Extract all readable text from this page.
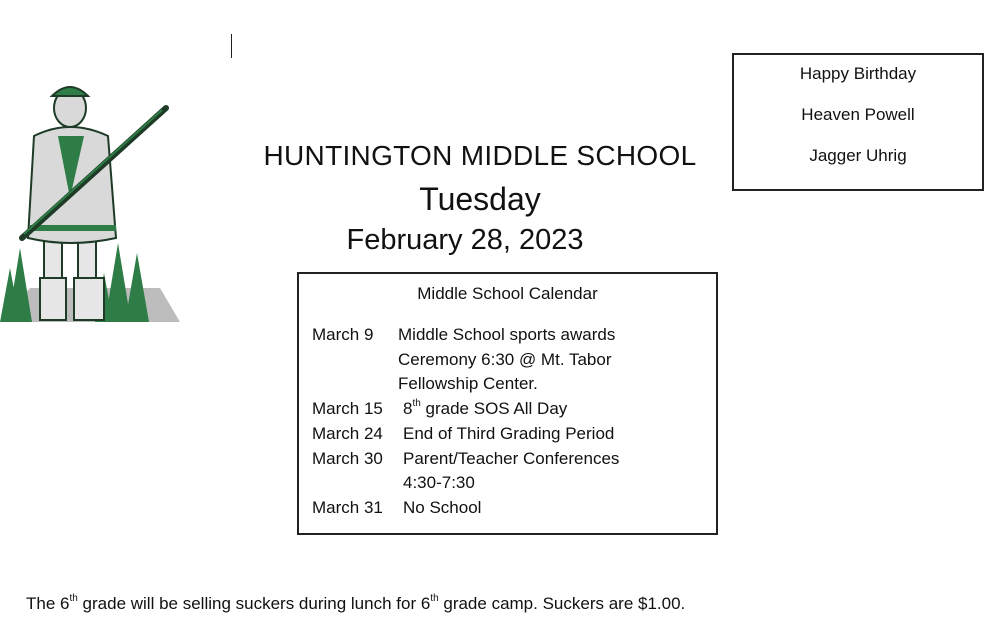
HUNTINGTON MIDDLE SCHOOL
Tuesday
February 28, 2023
Happy Birthday
Heaven Powell
Jagger Uhrig
Middle School Calendar
March 9	Middle School sports awards
Ceremony 6:30 @ Mt. Tabor
Fellowship Center.
March 15	8th grade SOS All Day
March 24	End of Third Grading Period
March 30	Parent/Teacher Conferences
4:30-7:30
March 31	No School
The 6th grade will be selling suckers during lunch for 6th grade camp. Suckers are $1.00.
